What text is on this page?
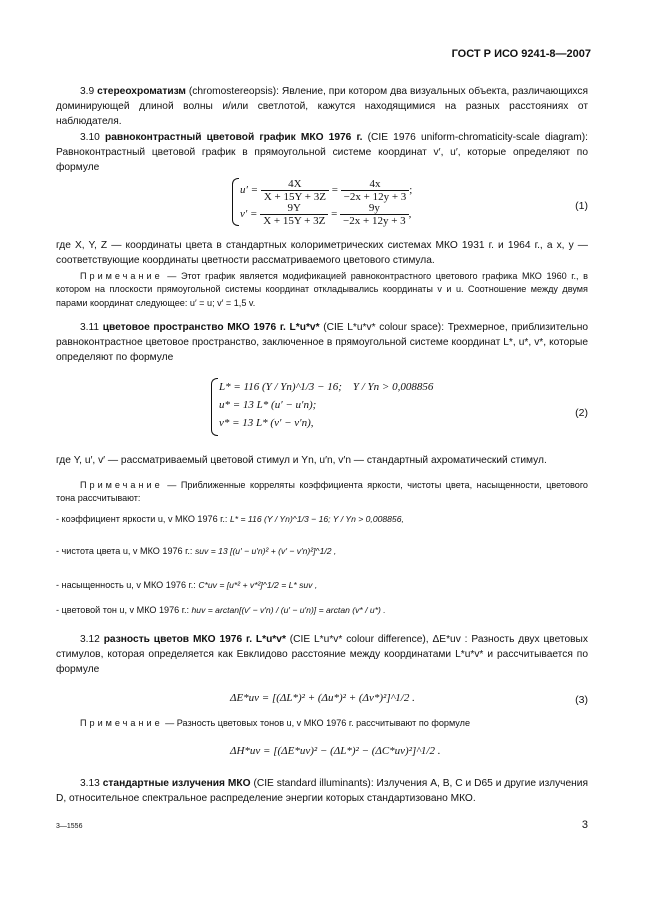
ГОСТ Р ИСО 9241-8—2007
3.9 стереохроматизм (chromostereopsis): Явление, при котором два визуальных объекта, различающихся доминирующей длиной волны и/или светлотой, кажутся находящимися на разных расстояниях от наблюдателя.
3.10 равноконтрастный цветовой график МКО 1976 г. (CIE 1976 uniform-chromaticity-scale diagram): Равноконтрастный цветовой график в прямоугольной системе координат v′, u′, которые определяют по формуле
$u' = \frac{4X}{X + 15Y + 3Z} = \frac{4x}{-2x + 12y + 3}$ ;
$v' = \frac{9Y}{X + 15Y + 3Z} = \frac{9y}{-2x + 12y + 3}$ ,
(1)
где X, Y, Z — координаты цвета в стандартных колориметрических системах МКО 1931 г. и 1964 г., а x, y — соответствующие координаты цветности рассматриваемого цветового стимула.
Примечание — Этот график является модификацией равноконтрастного цветового графика МКО 1960 г., в котором на плоскости прямоугольной системы координат откладывались координаты v и u. Соотношение между двумя парами координат следующее: u′ = u; v′ = 1,5 v.
3.11 цветовое пространство МКО 1976 г. L*u*v* (CIE L*u*v* colour space): Трехмерное, приблизительно равноконтрастное цветовое пространство, заключенное в прямоугольной системе координат L*, u*, v*, которые определяют по формуле
L* = 116 (Y / Yn)^1/3 − 16; Y / Yn > 0,008856
u* = 13 L* (u′ − u′n);
v* = 13 L* (v′ − v′n),
(2)
где Y, u′, v′ — рассматриваемый цветовой стимул и Yn, u′n, v′n — стандартный ахроматический стимул.
Примечание — Приближенные корреляты коэффициента яркости, чистоты цвета, насыщенности, цветового тона рассчитывают:
- коэффициент яркости u, v МКО 1976 г.: L* = 116 (Y / Yn)^1/3 − 16; Y / Yn > 0,008856,
- чистота цвета u, v МКО 1976 г.: suv = 13 [(u′ − u′n)² + (v′ − v′n)²]^1/2 ,
- насыщенность u, v МКО 1976 г.: C*uv = [u*² + v*²]^1/2 = L* suv ,
- цветовой тон u, v МКО 1976 г.: huv = arctan[(v′ − v′n) / (u′ − u′n)] = arctan (v* / u*) .
3.12 разность цветов МКО 1976 г. L*u*v* (CIE L*u*v* colour difference), ΔE*uv : Разность двух цветовых стимулов, которая определяется как Евклидово расстояние между координатами L*u*v* и рассчитывается по формуле
ΔE*uv = [(ΔL*)² + (Δu*)² + (Δv*)²]^1/2 .	(3)
Примечание — Разность цветовых тонов u, v МКО 1976 г. рассчитывают по формуле
ΔH*uv = [(ΔE*uv)² − (ΔL*)² − (ΔC*uv)²]^1/2 .
3.13 стандартные излучения МКО (CIE standard illuminants): Излучения A, B, C и D65 и другие излучения D, относительное спектральное распределение энергии которых стандартизовано МКО.
3—1556	3
